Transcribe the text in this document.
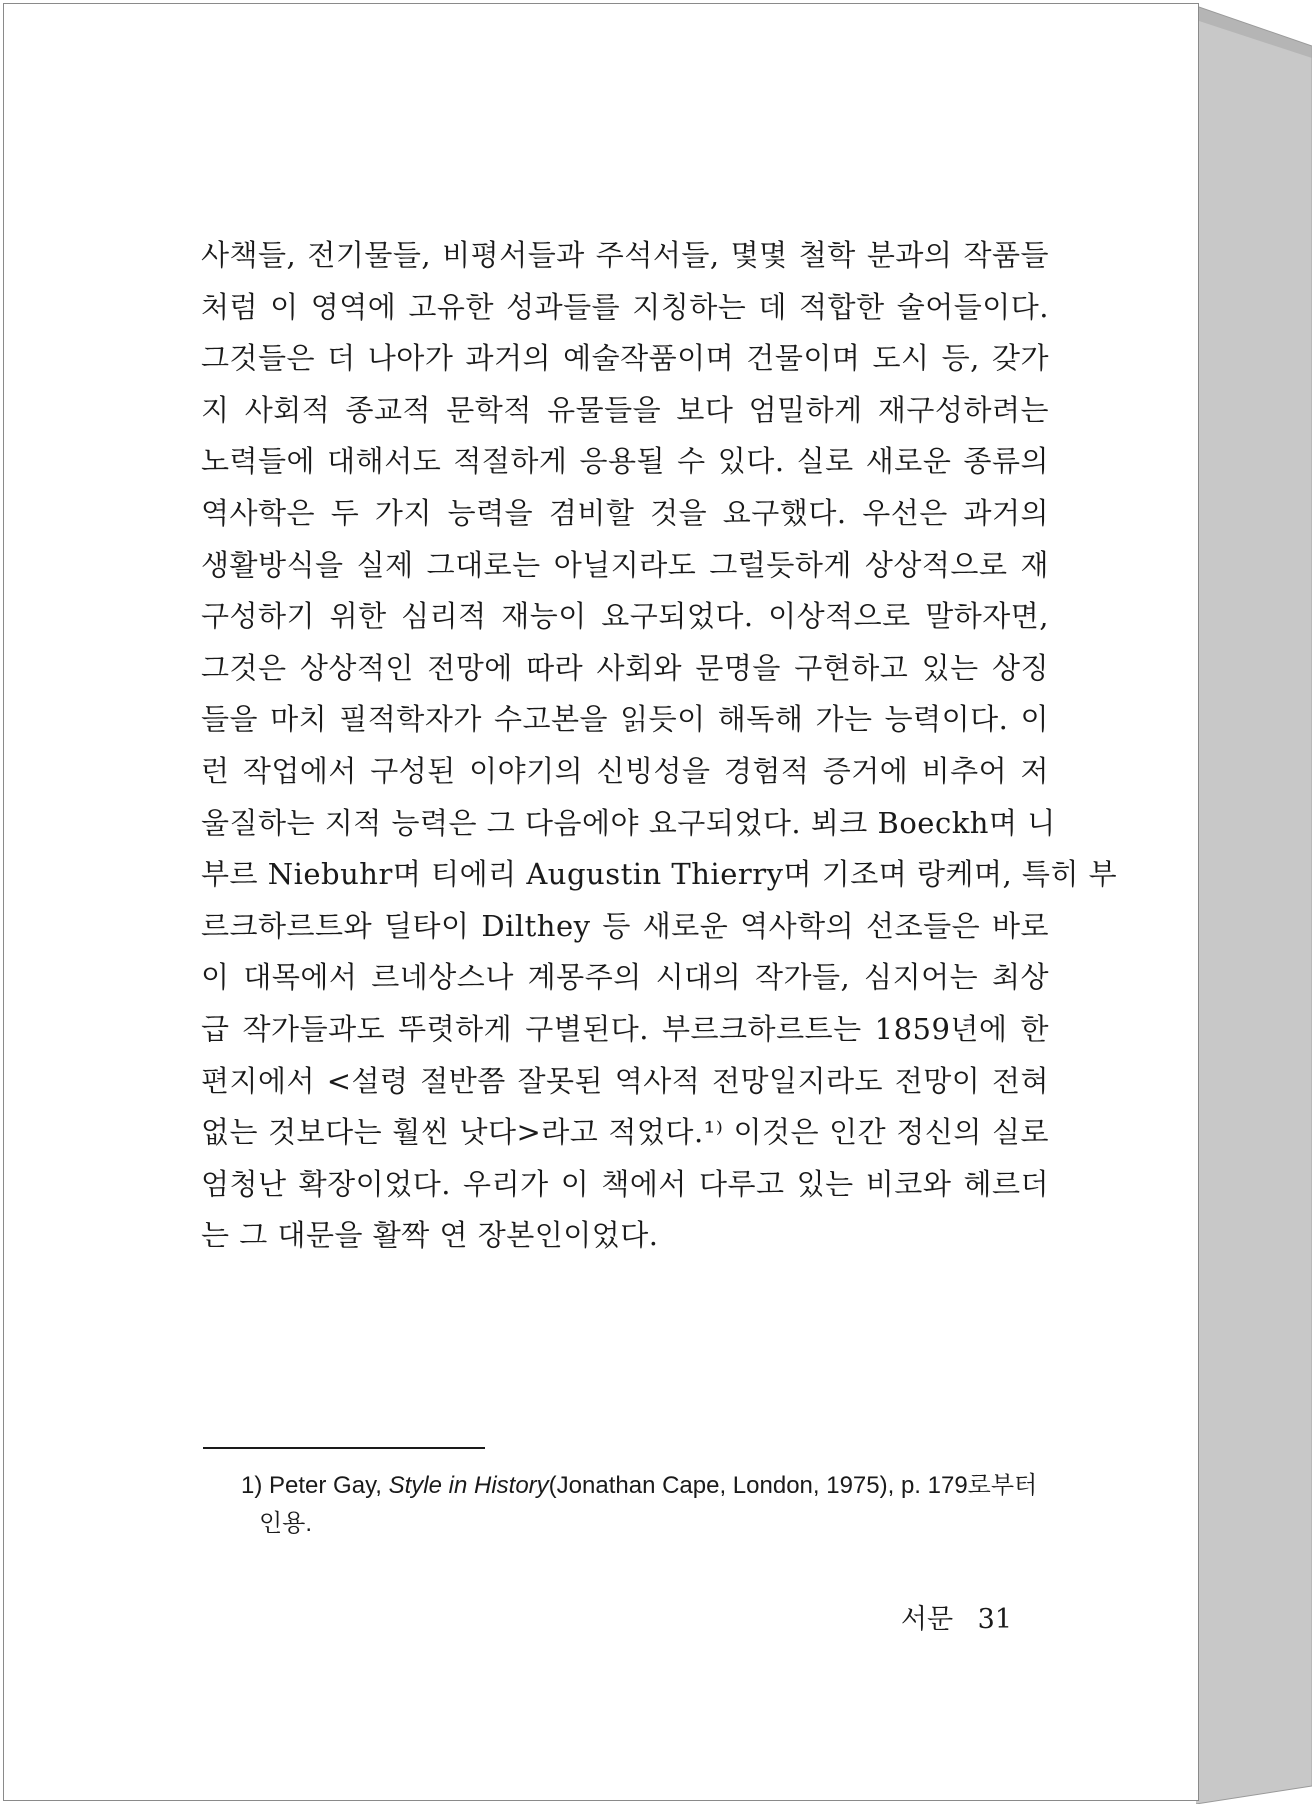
사책들, 전기물들, 비평서들과 주석서들, 몇몇 철학 분과의 작품들
처럼 이 영역에 고유한 성과들를 지칭하는 데 적합한 술어들이다.
그것들은 더 나아가 과거의 예술작품이며 건물이며 도시 등, 갖가
지 사회적 종교적 문학적 유물들을 보다 엄밀하게 재구성하려는
노력들에 대해서도 적절하게 응용될 수 있다. 실로 새로운 종류의
역사학은 두 가지 능력을 겸비할 것을 요구했다. 우선은 과거의
생활방식을 실제 그대로는 아닐지라도 그럴듯하게 상상적으로 재
구성하기 위한 심리적 재능이 요구되었다. 이상적으로 말하자면,
그것은 상상적인 전망에 따라 사회와 문명을 구현하고 있는 상징
들을 마치 필적학자가 수고본을 읽듯이 해독해 가는 능력이다. 이
런 작업에서 구성된 이야기의 신빙성을 경험적 증거에 비추어 저
울질하는 지적 능력은 그 다음에야 요구되었다. 뵈크 Boeckh며 니
부르 Niebuhr며 티에리 Augustin Thierry며 기조며 랑케며, 특히 부
르크하르트와 딜타이 Dilthey 등 새로운 역사학의 선조들은 바로
이 대목에서 르네상스나 계몽주의 시대의 작가들, 심지어는 최상
급 작가들과도 뚜렷하게 구별된다. 부르크하르트는 1859년에 한
편지에서 <설령 절반쯤 잘못된 역사적 전망일지라도 전망이 전혀
없는 것보다는 훨씬 낫다>라고 적었다.¹⁾ 이것은 인간 정신의 실로
엄청난 확장이었다. 우리가 이 책에서 다루고 있는 비코와 헤르더
는 그 대문을 활짝 연 장본인이었다.
1) Peter Gay, Style in History(Jonathan Cape, London, 1975), p. 179로부터
인용.
서문 31
